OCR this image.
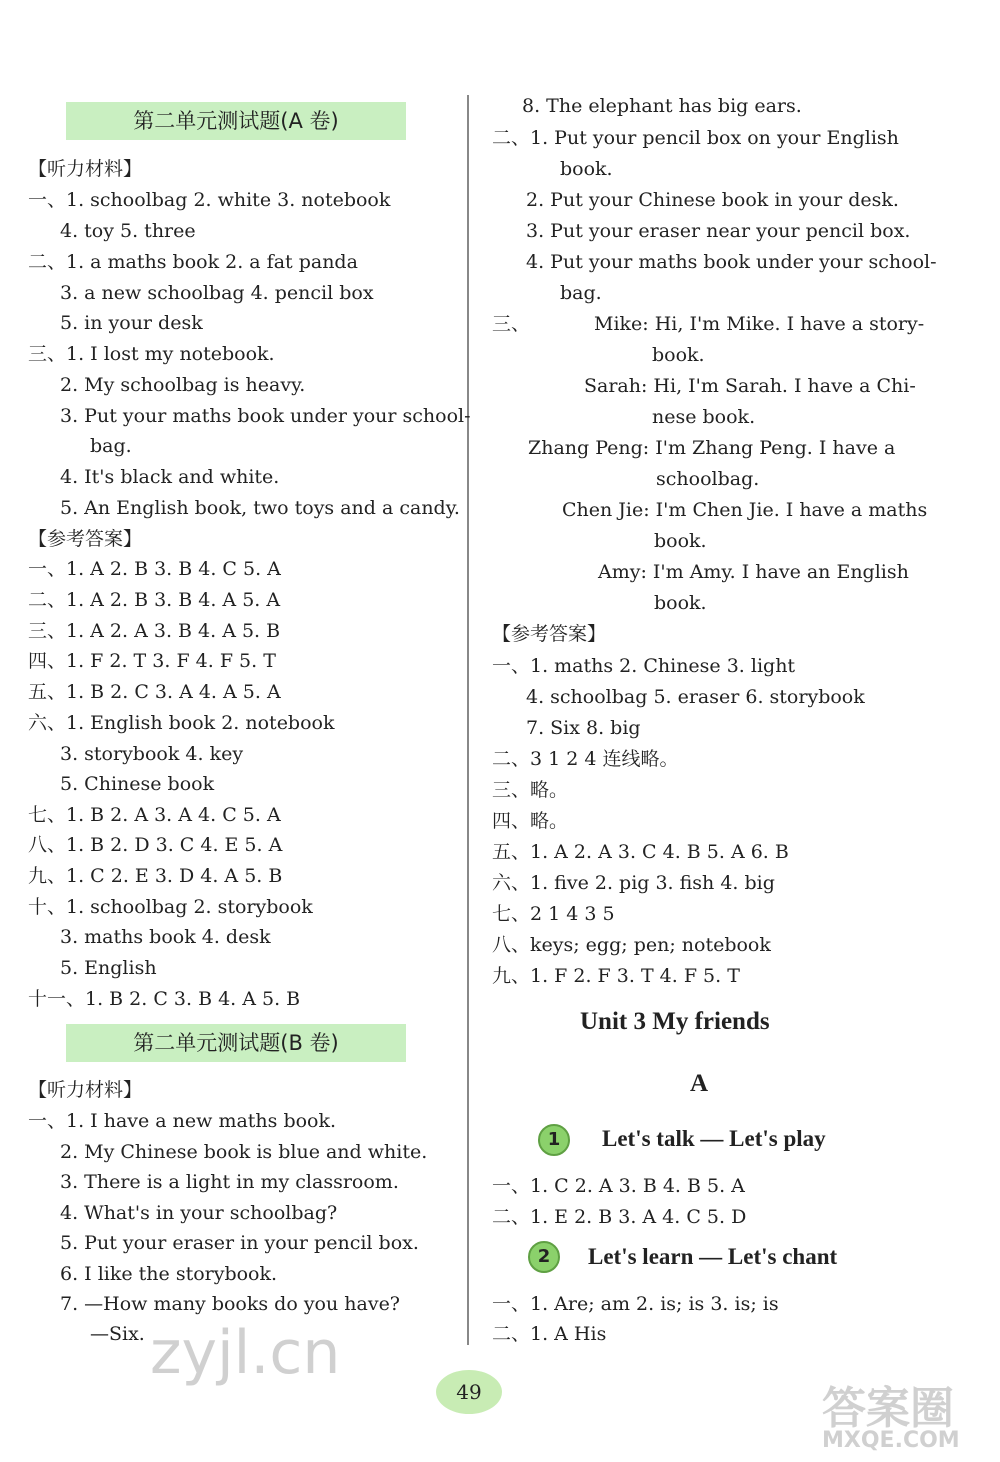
第二单元测试题(A 卷)
【听力材料】
一、1. schoolbag 2. white 3. notebook
4. toy 5. three
二、1. a maths book 2. a fat panda
3. a new schoolbag 4. pencil box
5. in your desk
三、1. I lost my notebook.
2. My schoolbag is heavy.
3. Put your maths book under your school-
bag.
4. It's black and white.
5. An English book, two toys and a candy.
【参考答案】
一、1. A 2. B 3. B 4. C 5. A
二、1. A 2. B 3. B 4. A 5. A
三、1. A 2. A 3. B 4. A 5. B
四、1. F 2. T 3. F 4. F 5. T
五、1. B 2. C 3. A 4. A 5. A
六、1. English book 2. notebook
3. storybook 4. key
5. Chinese book
七、1. B 2. A 3. A 4. C 5. A
八、1. B 2. D 3. C 4. E 5. A
九、1. C 2. E 3. D 4. A 5. B
十、1. schoolbag 2. storybook
3. maths book 4. desk
5. English
十一、1. B 2. C 3. B 4. A 5. B
第二单元测试题(B 卷)
【听力材料】
一、1. I have a new maths book.
2. My Chinese book is blue and white.
3. There is a light in my classroom.
4. What's in your schoolbag?
5. Put your eraser in your pencil box.
6. I like the storybook.
7. —How many books do you have?
—Six.
8. The elephant has big ears.
二、1. Put your pencil box on your English
book.
2. Put your Chinese book in your desk.
3. Put your eraser near your pencil box.
4. Put your maths book under your school-
bag.
三、	Mike: Hi, I'm Mike. I have a story-
book.
Sarah: Hi, I'm Sarah. I have a Chi-
nese book.
Zhang Peng: I'm Zhang Peng. I have a
schoolbag.
Chen Jie: I'm Chen Jie. I have a maths
book.
Amy: I'm Amy. I have an English
book.
【参考答案】
一、1. maths 2. Chinese 3. light
4. schoolbag 5. eraser 6. storybook
7. Six 8. big
二、3 1 2 4 连线略。
三、略。
四、略。
五、1. A 2. A 3. C 4. B 5. A 6. B
六、1. five 2. pig 3. fish 4. big
七、2 1 4 3 5
八、keys; egg; pen; notebook
九、1. F 2. F 3. T 4. F 5. T
Unit 3 My friends
A
1	Let's talk — Let's play
一、1. C 2. A 3. B 4. B 5. A
二、1. E 2. B 3. A 4. C 5. D
2	Let's learn — Let's chant
一、1. Are; am 2. is; is 3. is; is
二、1. A His
49
zyjl.cn
答案圈
MXQE.COM
